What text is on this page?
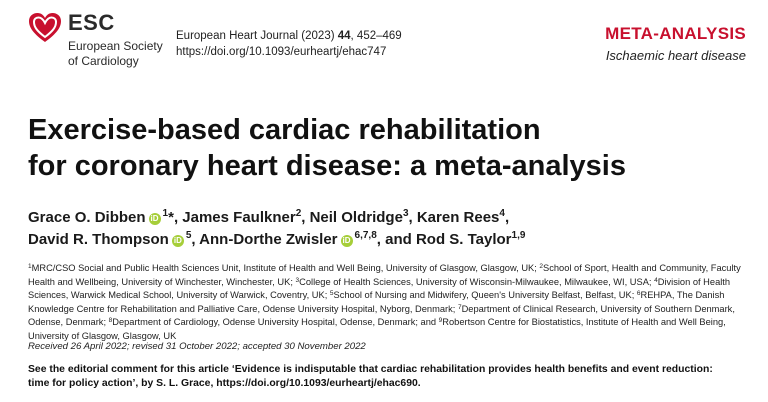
ESC
European Society
of Cardiology
European Heart Journal (2023) 44, 452–469
https://doi.org/10.1093/eurheartj/ehac747
META-ANALYSIS
Ischaemic heart disease
Exercise-based cardiac rehabilitation
for coronary heart disease: a meta-analysis
Grace O. Dibben iD $^1$*, James Faulkner$^2$, Neil Oldridge$^3$, Karen Rees$^4$,
David R. Thompson iD $^5$, Ann-Dorthe Zwisler iD $^{6,7,8}$, and Rod S. Taylor$^{1,9}$
$^1$MRC/CSO Social and Public Health Sciences Unit, Institute of Health and Well Being, University of Glasgow, Glasgow, UK; $^2$School of Sport, Health and Community, Faculty Health and Wellbeing, University of Winchester, Winchester, UK; $^3$College of Health Sciences, University of Wisconsin-Milwaukee, Milwaukee, WI, USA; $^4$Division of Health Sciences, Warwick Medical School, University of Warwick, Coventry, UK; $^5$School of Nursing and Midwifery, Queen's University Belfast, Belfast, UK; $^6$REHPA, The Danish Knowledge Centre for Rehabilitation and Palliative Care, Odense University Hospital, Nyborg, Denmark; $^7$Department of Clinical Research, University of Southern Denmark, Odense, Denmark; $^8$Department of Cardiology, Odense University Hospital, Odense, Denmark; and $^9$Robertson Centre for Biostatistics, Institute of Health and Well Being, University of Glasgow, Glasgow, UK
Received 26 April 2022; revised 31 October 2022; accepted 30 November 2022
See the editorial comment for this article ‘Evidence is indisputable that cardiac rehabilitation provides health benefits and event reduction:
time for policy action’, by S. L. Grace, https://doi.org/10.1093/eurheartj/ehac690.
